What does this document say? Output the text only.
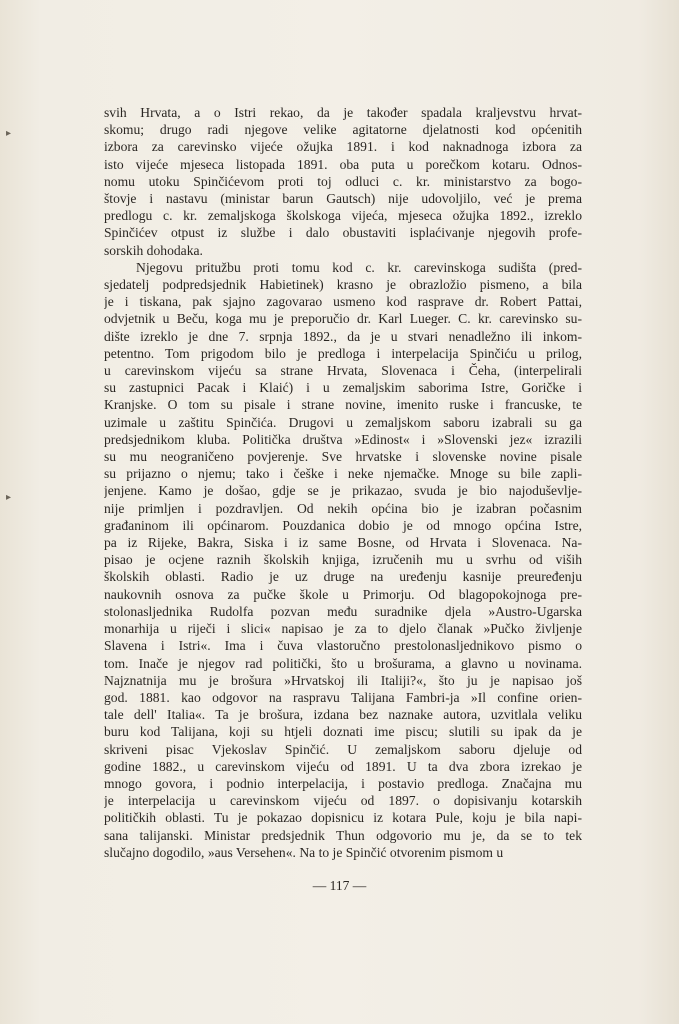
▸
▸

svih Hrvata, a o Istri rekao, da je također spadala kraljevstvu hrvat-
skomu; drugo radi njegove velike agitatorne djelatnosti kod općenitih
izbora za carevinsko vijeće ožujka 1891. i kod naknadnoga izbora za
isto vijeće mjeseca listopada 1891. oba puta u porečkom kotaru. Odnos-
nomu utoku Spinčićevom proti toj odluci c. kr. ministarstvo za bogo-
štovje i nastavu (ministar barun Gautsch) nije udovoljilo, već je prema
predlogu c. kr. zemaljskoga školskoga vijeća, mjeseca ožujka 1892., izreklo
Spinčićev otpust iz službe i dalo obustaviti isplaćivanje njegovih profe-
sorskih dohodaka.

Njegovu pritužbu proti tomu kod c. kr. carevinskoga sudišta (pred-
sjedatelj podpredsjednik Habietinek) krasno je obrazložio pismeno, a bila
je i tiskana, pak sjajno zagovarao usmeno kod rasprave dr. Robert Pattai,
odvjetnik u Beču, koga mu je preporučio dr. Karl Lueger. C. kr. carevinsko su-
dište izreklo je dne 7. srpnja 1892., da je u stvari nenadležno ili inkom-
petentno. Tom prigodom bilo je predloga i interpelacija Spinčiću u prilog,
u carevinskom vijeću sa strane Hrvata, Slovenaca i Čeha, (interpelirali
su zastupnici Pacak i Klaić) i u zemaljskim saborima Istre, Goričke i
Kranjske. O tom su pisale i strane novine, imenito ruske i francuske, te
uzimale u zaštitu Spinčića. Drugovi u zemaljskom saboru izabrali su ga
predsjednikom kluba. Politička društva »Edinost« i »Slovenski jez« izrazili
su mu neograničeno povjerenje. Sve hrvatske i slovenske novine pisale
su prijazno o njemu; tako i češke i neke njemačke. Mnoge su bile zapli-
jenjene. Kamo je došao, gdje se je prikazao, svuda je bio najoduševlje-
nije primljen i pozdravljen. Od nekih općina bio je izabran počasnim
građaninom ili općinarom. Pouzdanica dobio je od mnogo općina Istre,
pa iz Rijeke, Bakra, Siska i iz same Bosne, od Hrvata i Slovenaca. Na-
pisao je ocjene raznih školskih knjiga, izručenih mu u svrhu od viših
školskih oblasti. Radio je uz druge na uređenju kasnije preuređenju
naukovnih osnova za pučke škole u Primorju. Od blagopokojnoga pre-
stolonasljednika Rudolfa pozvan među suradnike djela »Austro-Ugarska
monarhija u riječi i slici« napisao je za to djelo članak »Pučko življenje
Slavena i Istri«. Ima i čuva vlastoručno prestolonasljednikovo pismo o
tom. Inače je njegov rad politički, što u brošurama, a glavno u novinama.
Najznatnija mu je brošura »Hrvatskoj ili Italiji?«, što ju je napisao još
god. 1881. kao odgovor na raspravu Talijana Fambri-ja »Il confine orien-
tale dell' Italia«. Ta je brošura, izdana bez naznake autora, uzvitlala veliku
buru kod Talijana, koji su htjeli doznati ime piscu; slutili su ipak da je
skriveni pisac Vjekoslav Spinčić. U zemaljskom saboru djeluje od
godine 1882., u carevinskom vijeću od 1891. U ta dva zbora izrekao je
mnogo govora, i podnio interpelacija, i postavio predloga. Značajna mu
je interpelacija u carevinskom vijeću od 1897. o dopisivanju kotarskih
političkih oblasti. Tu je pokazao dopisnicu iz kotara Pule, koju je bila napi-
sana talijanski. Ministar predsjednik Thun odgovorio mu je, da se to tek
slučajno dogodilo, »aus Versehen«. Na to je Spinčić otvorenim pismom u

— 117 —
